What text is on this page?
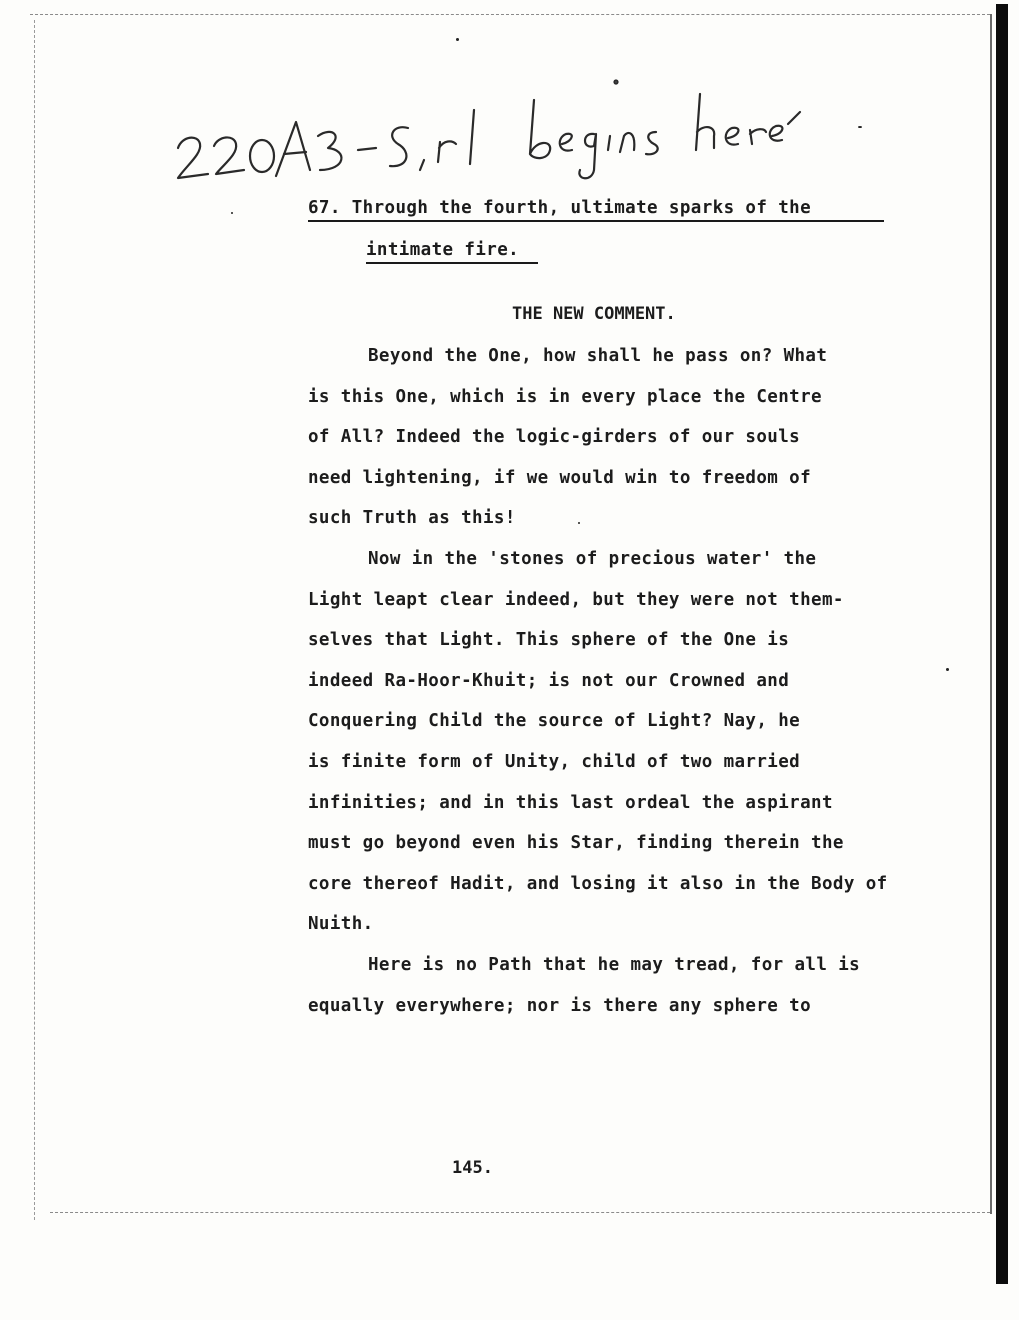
67. Through the fourth, ultimate sparks of the
intimate fire.
THE NEW COMMENT.
Beyond the One, how shall he pass on? What
is this One, which is in every place the Centre
of All? Indeed the logic-girders of our souls
need lightening, if we would win to freedom of
such Truth as this!
Now in the 'stones of precious water' the
Light leapt clear indeed, but they were not them-
selves that Light. This sphere of the One is
indeed Ra-Hoor-Khuit; is not our Crowned and
Conquering Child the source of Light? Nay, he
is finite form of Unity, child of two married
infinities; and in this last ordeal the aspirant
must go beyond even his Star, finding therein the
core thereof Hadit, and losing it also in the Body of
Nuith.
Here is no Path that he may tread, for all is
equally everywhere; nor is there any sphere to
145.
